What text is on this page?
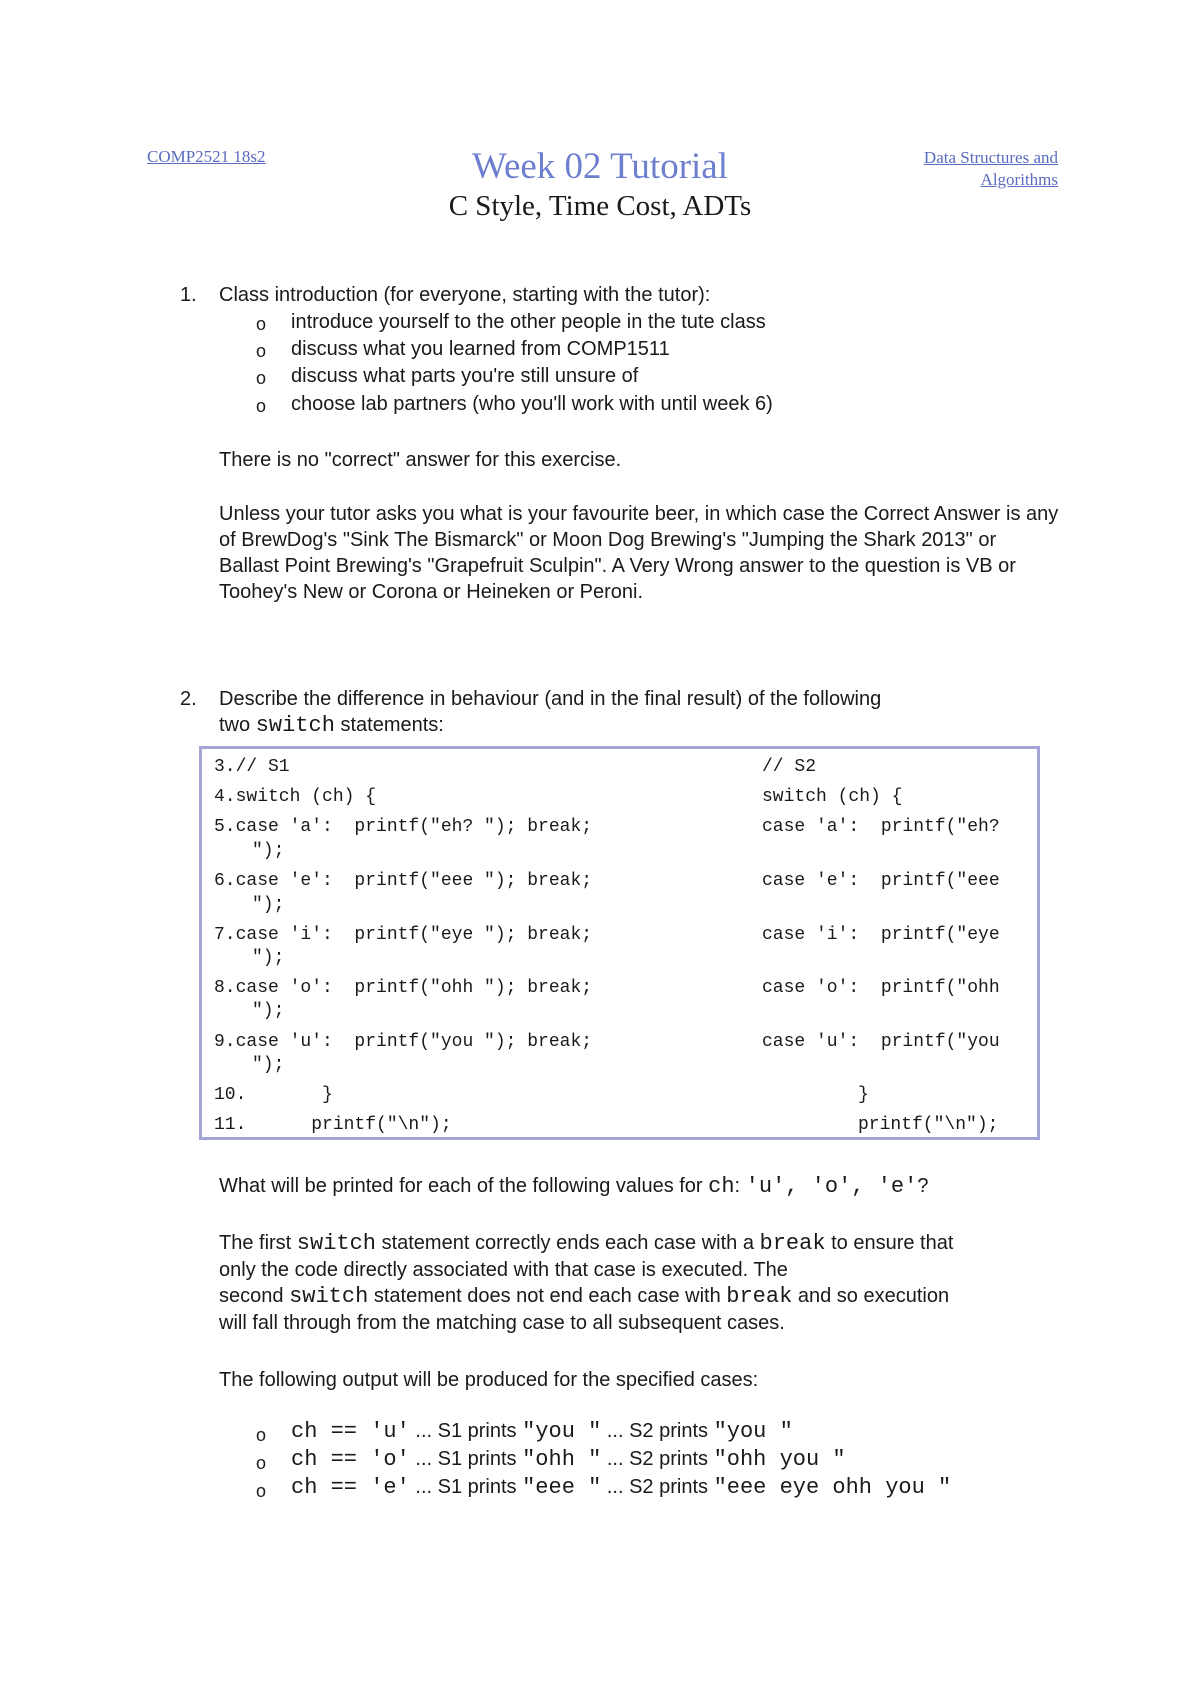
COMP2521 18s2	Week 02 Tutorial
C Style, Time Cost, ADTs
Data Structures and
Algorithms
1. Class introduction (for everyone, starting with the tutor):
o introduce yourself to the other people in the tute class
o discuss what you learned from COMP1511
o discuss what parts you're still unsure of
o choose lab partners (who you'll work with until week 6)
There is no "correct" answer for this exercise.
Unless your tutor asks you what is your favourite beer, in which case the Correct Answer is any of BrewDog's "Sink The Bismarck" or Moon Dog Brewing's "Jumping the Shark 2013" or Ballast Point Brewing's "Grapefruit Sculpin". A Very Wrong answer to the question is VB or Toohey's New or Corona or Heineken or Peroni.
2. Describe the difference in behaviour (and in the final result) of the following
two switch statements:
3.// S1	// S2
4.switch (ch) {	switch (ch) {
5.case 'a':  printf("eh? "); break;	case 'a':  printf("eh?
");
6.case 'e':  printf("eee "); break;	case 'e':  printf("eee
");
7.case 'i':  printf("eye "); break;	case 'i':  printf("eye
");
8.case 'o':  printf("ohh "); break;	case 'o':  printf("ohh
");
9.case 'u':  printf("you "); break;	case 'u':  printf("you
");
10.       }	}
11.      printf("\n");	printf("\n");
What will be printed for each of the following values for ch: 'u', 'o', 'e'?
The first switch statement correctly ends each case with a break to ensure that
only the code directly associated with that case is executed. The
second switch statement does not end each case with break and so execution
will fall through from the matching case to all subsequent cases.
The following output will be produced for the specified cases:
o ch == 'u' ... S1 prints "you " ... S2 prints "you "
o ch == 'o' ... S1 prints "ohh " ... S2 prints "ohh you "
o ch == 'e' ... S1 prints "eee " ... S2 prints "eee eye ohh you "
